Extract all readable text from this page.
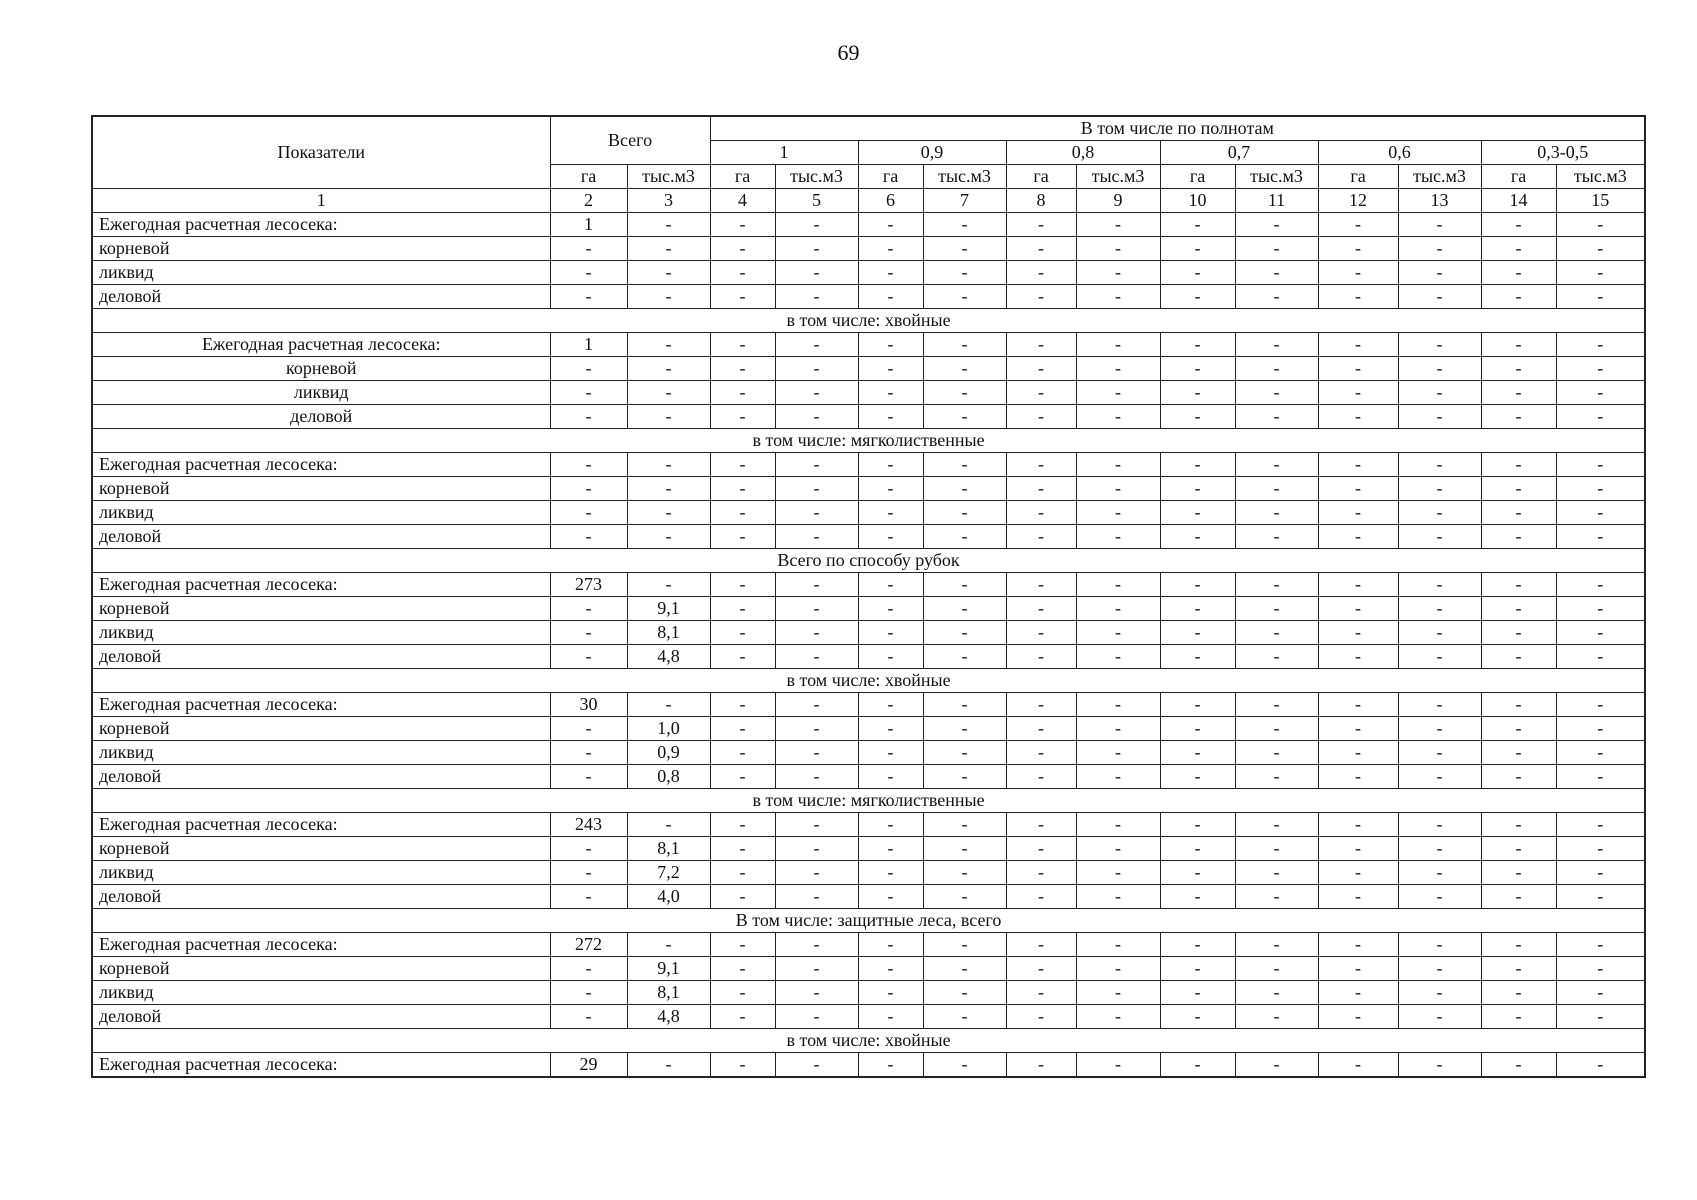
69
Показатели	Всего		В том числе по полнотам											
			1		0,9		0,8		0,7		0,6		0,3-0,5	
	га	тыс.м3	га	тыс.м3	га	тыс.м3	га	тыс.м3	га	тыс.м3	га	тыс.м3	га	тыс.м3
1	2	3	4	5	6	7	8	9	10	11	12	13	14	15
Ежегодная расчетная лесосека:	1	-	-	-	-	-	-	-	-	-	-	-	-	-
корневой	-	-	-	-	-	-	-	-	-	-	-	-	-	-
ликвид	-	-	-	-	-	-	-	-	-	-	-	-	-	-
деловой	-	-	-	-	-	-	-	-	-	-	-	-	-	-
в том числе: хвойные														
Ежегодная расчетная лесосека:	1	-	-	-	-	-	-	-	-	-	-	-	-	-
корневой	-	-	-	-	-	-	-	-	-	-	-	-	-	-
ликвид	-	-	-	-	-	-	-	-	-	-	-	-	-	-
деловой	-	-	-	-	-	-	-	-	-	-	-	-	-	-
в том числе: мягколиственные														
Ежегодная расчетная лесосека:	-	-	-	-	-	-	-	-	-	-	-	-	-	-
корневой	-	-	-	-	-	-	-	-	-	-	-	-	-	-
ликвид	-	-	-	-	-	-	-	-	-	-	-	-	-	-
деловой	-	-	-	-	-	-	-	-	-	-	-	-	-	-
Всего по способу рубок														
Ежегодная расчетная лесосека:	273	-	-	-	-	-	-	-	-	-	-	-	-	-
корневой	-	9,1	-	-	-	-	-	-	-	-	-	-	-	-
ликвид	-	8,1	-	-	-	-	-	-	-	-	-	-	-	-
деловой	-	4,8	-	-	-	-	-	-	-	-	-	-	-	-
в том числе: хвойные														
Ежегодная расчетная лесосека:	30	-	-	-	-	-	-	-	-	-	-	-	-	-
корневой	-	1,0	-	-	-	-	-	-	-	-	-	-	-	-
ликвид	-	0,9	-	-	-	-	-	-	-	-	-	-	-	-
деловой	-	0,8	-	-	-	-	-	-	-	-	-	-	-	-
в том числе: мягколиственные														
Ежегодная расчетная лесосека:	243	-	-	-	-	-	-	-	-	-	-	-	-	-
корневой	-	8,1	-	-	-	-	-	-	-	-	-	-	-	-
ликвид	-	7,2	-	-	-	-	-	-	-	-	-	-	-	-
деловой	-	4,0	-	-	-	-	-	-	-	-	-	-	-	-
В том числе: защитные леса, всего														
Ежегодная расчетная лесосека:	272	-	-	-	-	-	-	-	-	-	-	-	-	-
корневой	-	9,1	-	-	-	-	-	-	-	-	-	-	-	-
ликвид	-	8,1	-	-	-	-	-	-	-	-	-	-	-	-
деловой	-	4,8	-	-	-	-	-	-	-	-	-	-	-	-
в том числе: хвойные														
Ежегодная расчетная лесосека:	29	-	-	-	-	-	-	-	-	-	-	-	-	-
